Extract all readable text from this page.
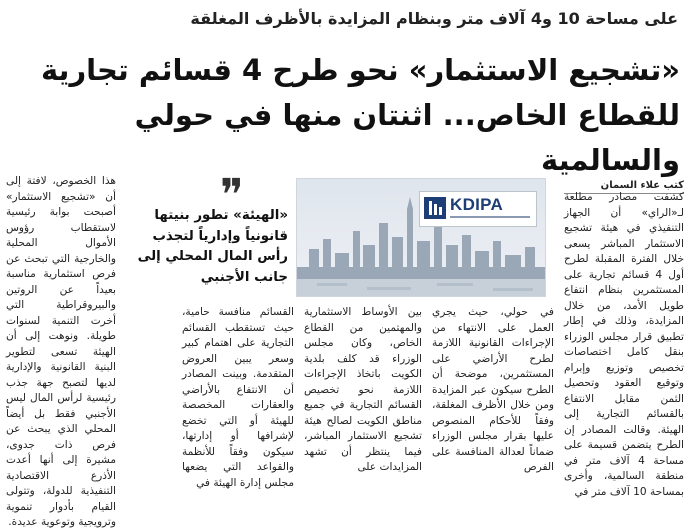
على مساحة 10 و4 آلاف متر وبنظام المزايدة بالأظرف المغلقة
«تشجيع الاستثمار» نحو طرح 4 قسائم تجارية
للقطاع الخاص... اثنتان منها في حولي والسالمية
كتب علاء السمان

كشفت مصادر مطلعة لـ«الراي» أن الجهاز التنفيذي في هيئة تشجيع الاستثمار المباشر يسعى خلال الفترة المقبلة لطرح أول 4 قسائم تجارية على المستثمرين بنظام انتفاع طويل الأمد، من خلال المزايدة، وذلك في إطار تطبيق قرار مجلس الوزراء بنقل كامل اختصاصات تخصيص وتوزيع وإبرام وتوقيع العقود وتحصيل الثمن مقابل الانتفاع بالقسائم التجارية إلى الهيئة. وقالت المصادر إن الطرح يتضمن قسيمة على مساحة 4 آلاف متر في منطقة السالمية، وأخرى بمساحة 10 آلاف متر في

KDIPA
❞
«الهيئة» تطور بنيتها قانونياً وإدارياً لتجذب رأس المال المحلي إلى جانب الأجنبي

هذا الخصوص، لافتة إلى أن «تشجيع الاستثمار» أصبحت بوابة رئيسية لاستقطاب رؤوس الأموال المحلية والخارجية التي تبحث عن فرص استثمارية مناسبة بعيداً عن الروتين والبيروقراطية التي أخرت التنمية لسنوات طويلة. ونوهت إلى أن الهيئة تسعى لتطوير البنية القانونية والإدارية لديها لتصبح جهة جذب رئيسية لرأس المال ليس الأجنبي فقط بل أيضاً المحلي الذي يبحث عن فرص ذات جدوى، مشيرة إلى أنها أعدت الأذرع الاقتصادية التنفيذية للدولة، وتتولى القيام بأدوار تنموية وترويجية وتوعوية عديدة.

في حولي، حيث يجري العمل على الانتهاء من الإجراءات القانونية اللازمة لطرح الأراضي على المستثمرين، موضحة أن الطرح سيكون عبر المزايدة ومن خلال الأظرف المغلقة، وفقاً للأحكام المنصوص عليها بقرار مجلس الوزراء ضماناً لعدالة المنافسة على الفرص

بين الأوساط الاستثمارية والمهتمين من القطاع الخاص، وكان مجلس الوزراء قد كلف بلدية الكويت باتخاذ الإجراءات اللازمة نحو تخصيص القسائم التجارية في جميع مناطق الكويت لصالح هيئة تشجيع الاستثمار المباشر، فيما ينتظر أن تشهد المزايدات على

القسائم منافسة حامية، حيث تستقطب القسائم التجارية على اهتمام كبير وسعر يبين العروض المتقدمة. وبينت المصادر أن الانتفاع بالأراضي والعقارات المخصصة للهيئة أو التي تخضع لإشرافها أو إدارتها، سيكون وفقاً للأنظمة والقواعد التي يضعها مجلس إدارة الهيئة في
